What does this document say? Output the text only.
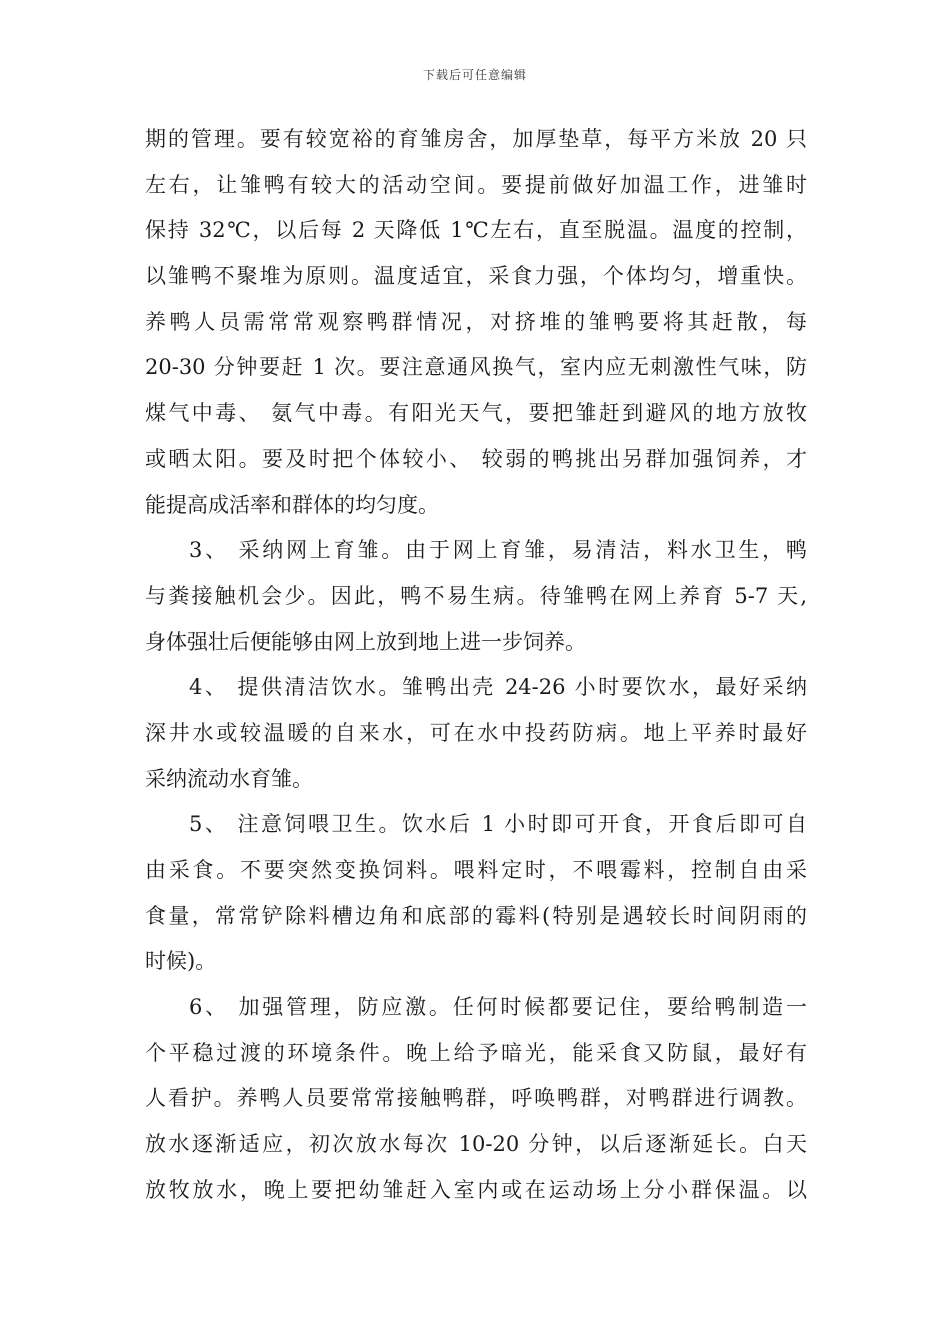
下载后可任意编辑
期的管理。要有较宽裕的育雏房舍，加厚垫草，每平方米放 20 只
左右，让雏鸭有较大的活动空间。要提前做好加温工作，进雏时
保持 32℃，以后每 2 天降低 1℃左右，直至脱温。温度的控制，
以雏鸭不聚堆为原则。温度适宜，采食力强，个体均匀，增重快。
养鸭人员需常常观察鸭群情况，对挤堆的雏鸭要将其赶散，每
20-30 分钟要赶 1 次。要注意通风换气，室内应无刺激性气味，防
煤气中毒、 氨气中毒。有阳光天气，要把雏赶到避风的地方放牧
或晒太阳。要及时把个体较小、 较弱的鸭挑出另群加强饲养，才
能提高成活率和群体的均匀度。
3、 采纳网上育雏。由于网上育雏，易清洁，料水卫生，鸭
与粪接触机会少。因此，鸭不易生病。待雏鸭在网上养育 5-7 天,
身体强壮后便能够由网上放到地上进一步饲养。
4、 提供清洁饮水。雏鸭出壳 24-26 小时要饮水，最好采纳
深井水或较温暖的自来水，可在水中投药防病。地上平养时最好
采纳流动水育雏。
5、 注意饲喂卫生。饮水后 1 小时即可开食，开食后即可自
由采食。不要突然变换饲料。喂料定时，不喂霉料，控制自由采
食量，常常铲除料槽边角和底部的霉料(特别是遇较长时间阴雨的
时候)。
6、 加强管理，防应激。任何时候都要记住，要给鸭制造一
个平稳过渡的环境条件。晚上给予暗光，能采食又防鼠，最好有
人看护。养鸭人员要常常接触鸭群，呼唤鸭群，对鸭群进行调教。
放水逐渐适应，初次放水每次 10-20 分钟，以后逐渐延长。白天
放牧放水，晚上要把幼雏赶入室内或在运动场上分小群保温。以
